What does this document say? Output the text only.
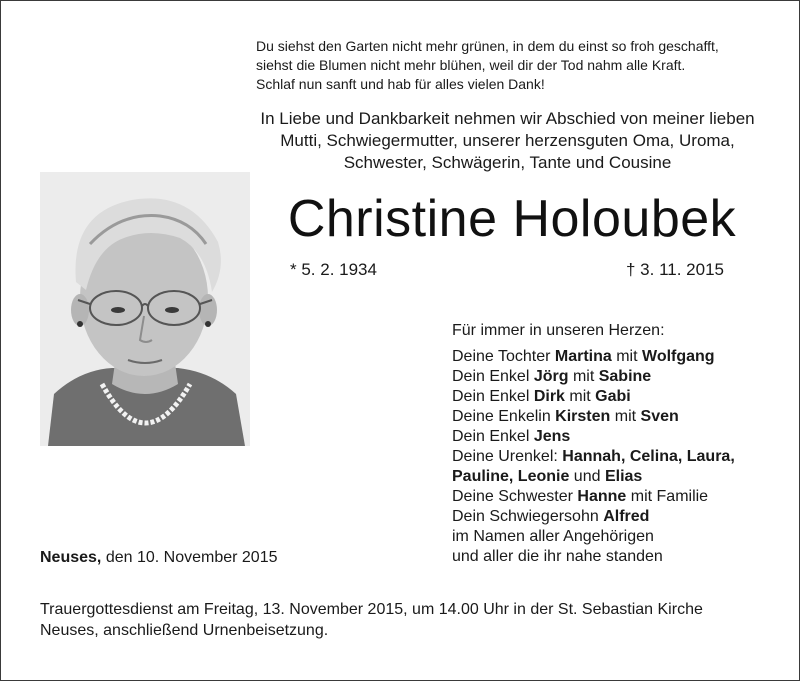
Du siehst den Garten nicht mehr grünen, in dem du einst so froh geschafft,
siehst die Blumen nicht mehr blühen, weil dir der Tod nahm alle Kraft.
Schlaf nun sanft und hab für alles vielen Dank!
In Liebe und Dankbarkeit nehmen wir Abschied von meiner lieben
Mutti, Schwiegermutter, unserer herzensguten Oma, Uroma,
Schwester, Schwägerin, Tante und Cousine
Christine Holoubek
* 5. 2. 1934	† 3. 11. 2015
Für immer in unseren Herzen:
Deine Tochter Martina mit Wolfgang
Dein Enkel Jörg mit Sabine
Dein Enkel Dirk mit Gabi
Deine Enkelin Kirsten mit Sven
Dein Enkel Jens
Deine Urenkel: Hannah, Celina, Laura,
Pauline, Leonie und Elias
Deine Schwester Hanne mit Familie
Dein Schwiegersohn Alfred
im Namen aller Angehörigen
und aller die ihr nahe standen
Neuses, den 10. November 2015
Trauergottesdienst am Freitag, 13. November 2015, um 14.00 Uhr in der St. Sebastian Kirche
Neuses, anschließend Urnenbeisetzung.
